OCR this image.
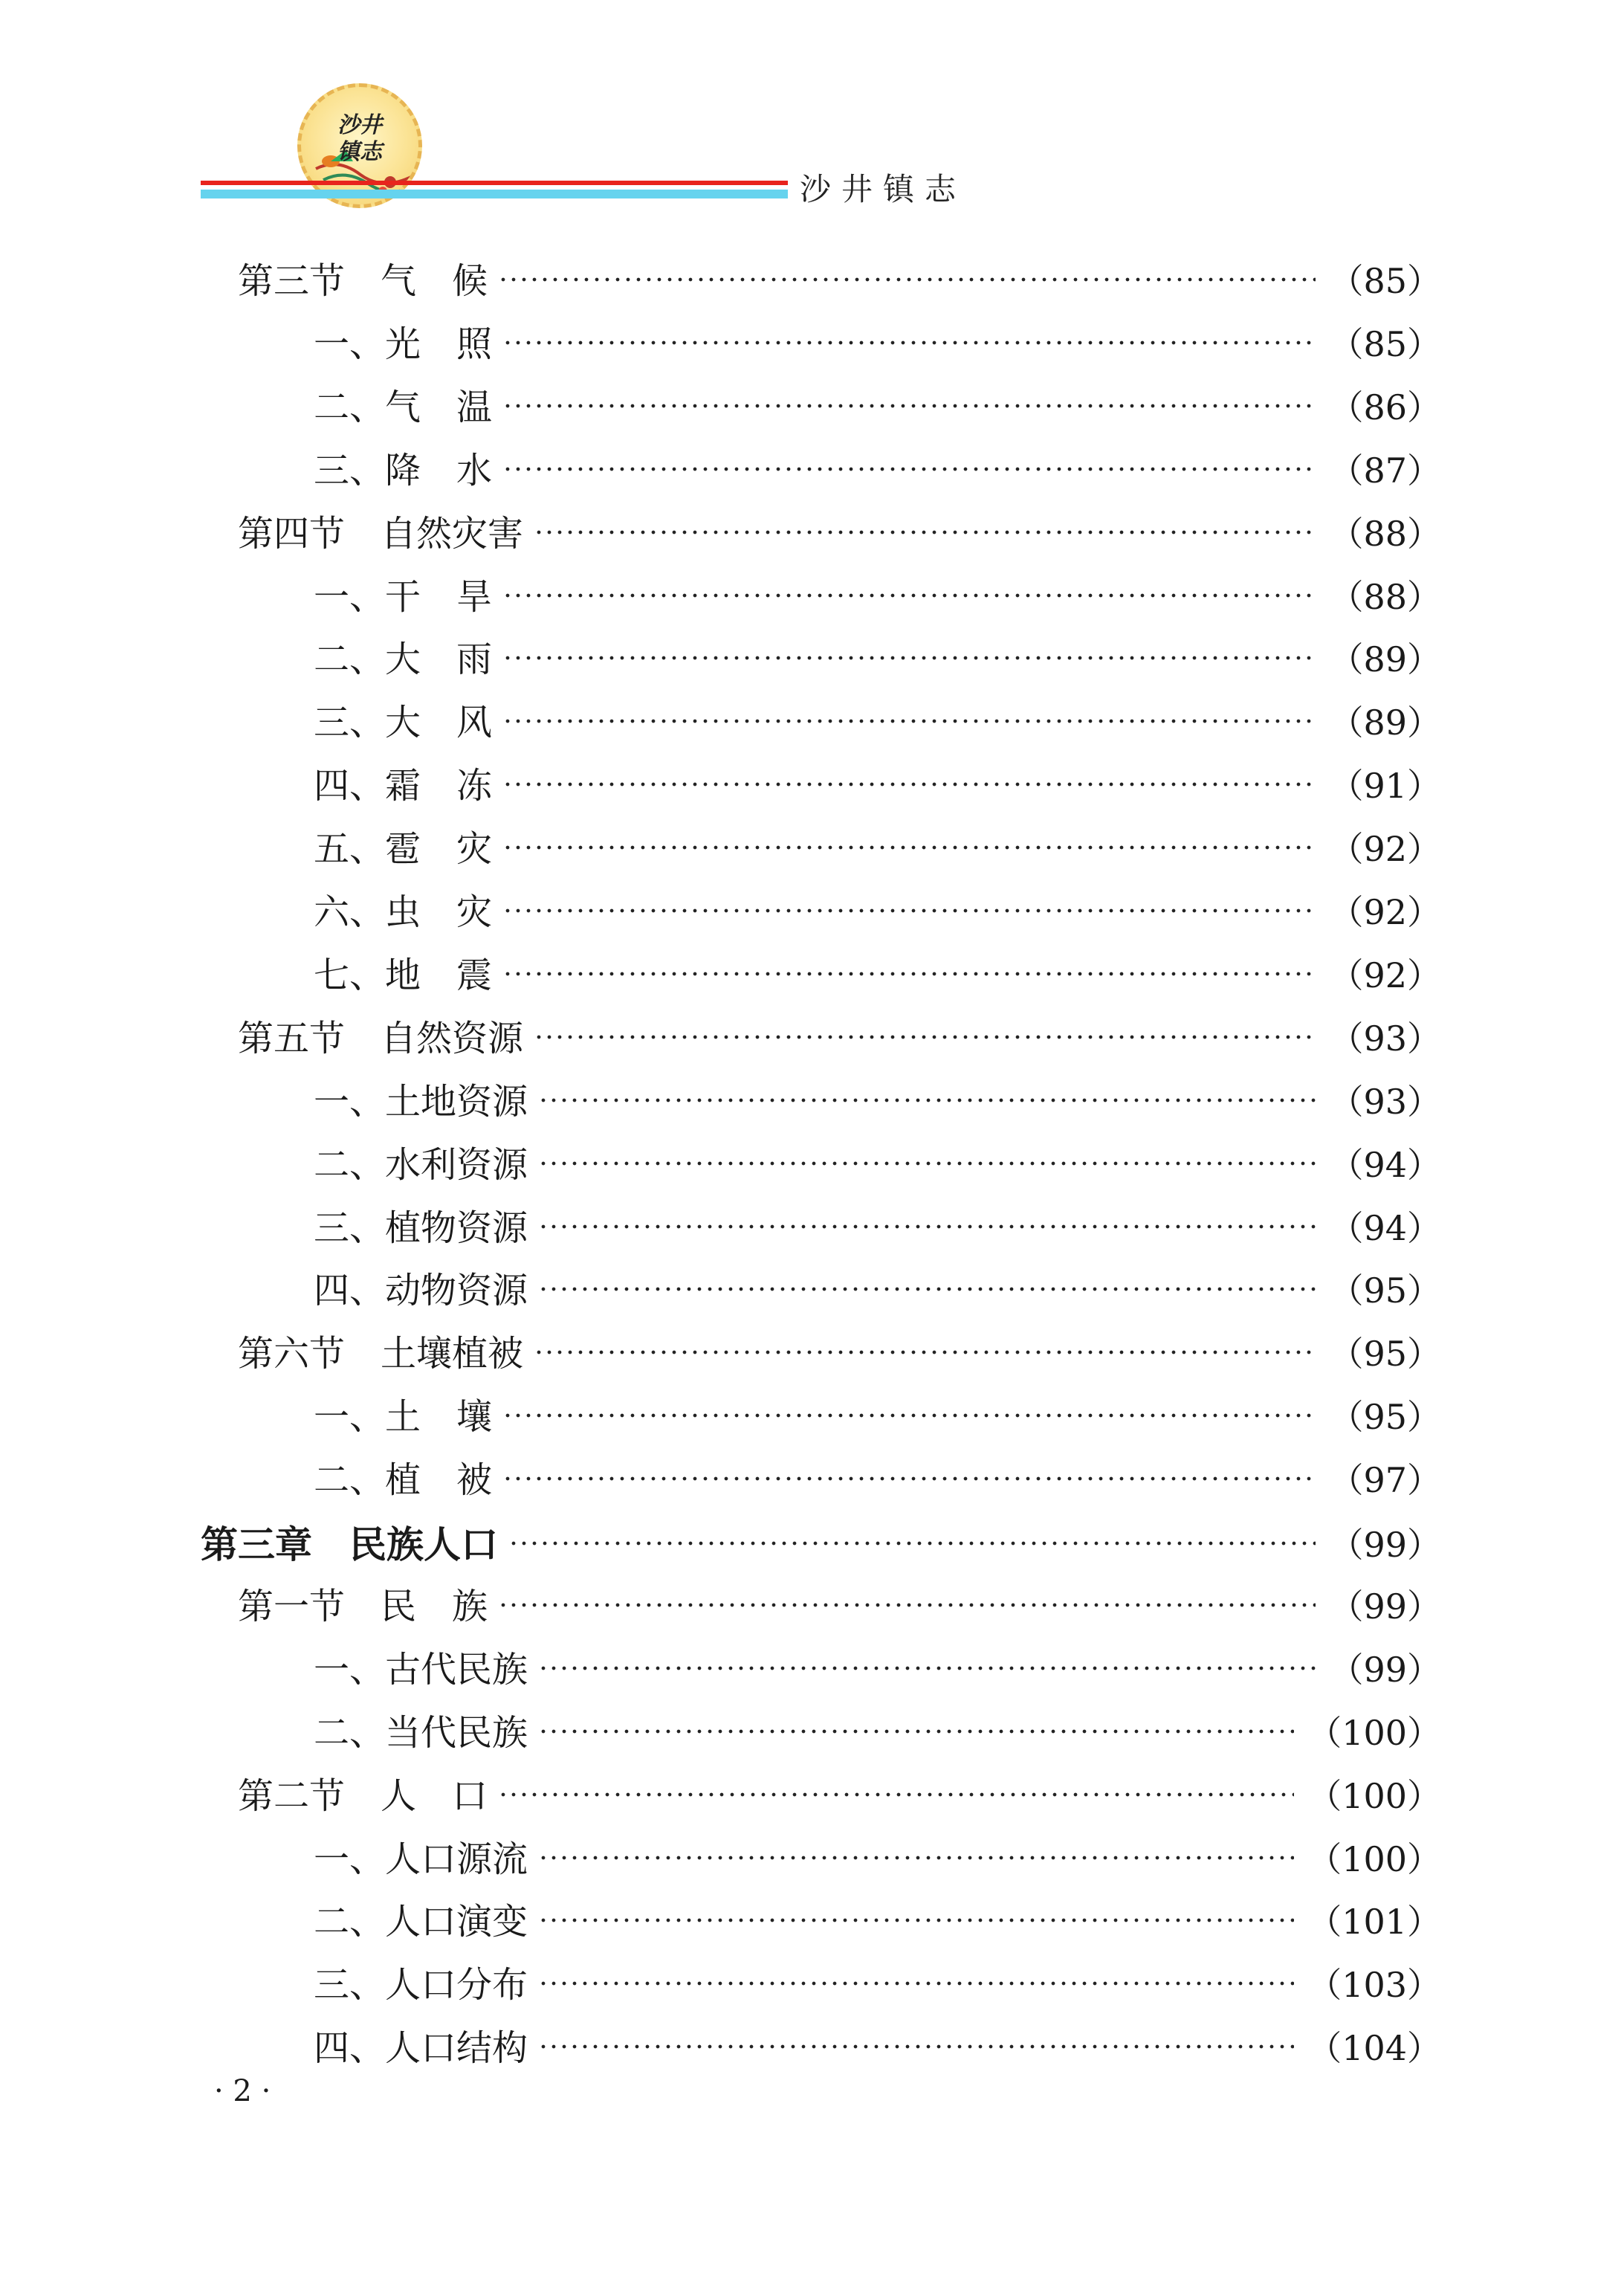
沙井
镇志
沙井镇志
第三节　气　候	（85）
一、光　照	（85）
二、气　温	（86）
三、降　水	（87）
第四节　自然灾害	（88）
一、干　旱	（88）
二、大　雨	（89）
三、大　风	（89）
四、霜　冻	（91）
五、雹　灾	（92）
六、虫　灾	（92）
七、地　震	（92）
第五节　自然资源	（93）
一、土地资源	（93）
二、水利资源	（94）
三、植物资源	（94）
四、动物资源	（95）
第六节　土壤植被	（95）
一、土　壤	（95）
二、植　被	（97）
第三章　民族人口	（99）
第一节　民　族	（99）
一、古代民族	（99）
二、当代民族	（100）
第二节　人　口	（100）
一、人口源流	（100）
二、人口演变	（101）
三、人口分布	（103）
四、人口结构	（104）
· 2 ·
